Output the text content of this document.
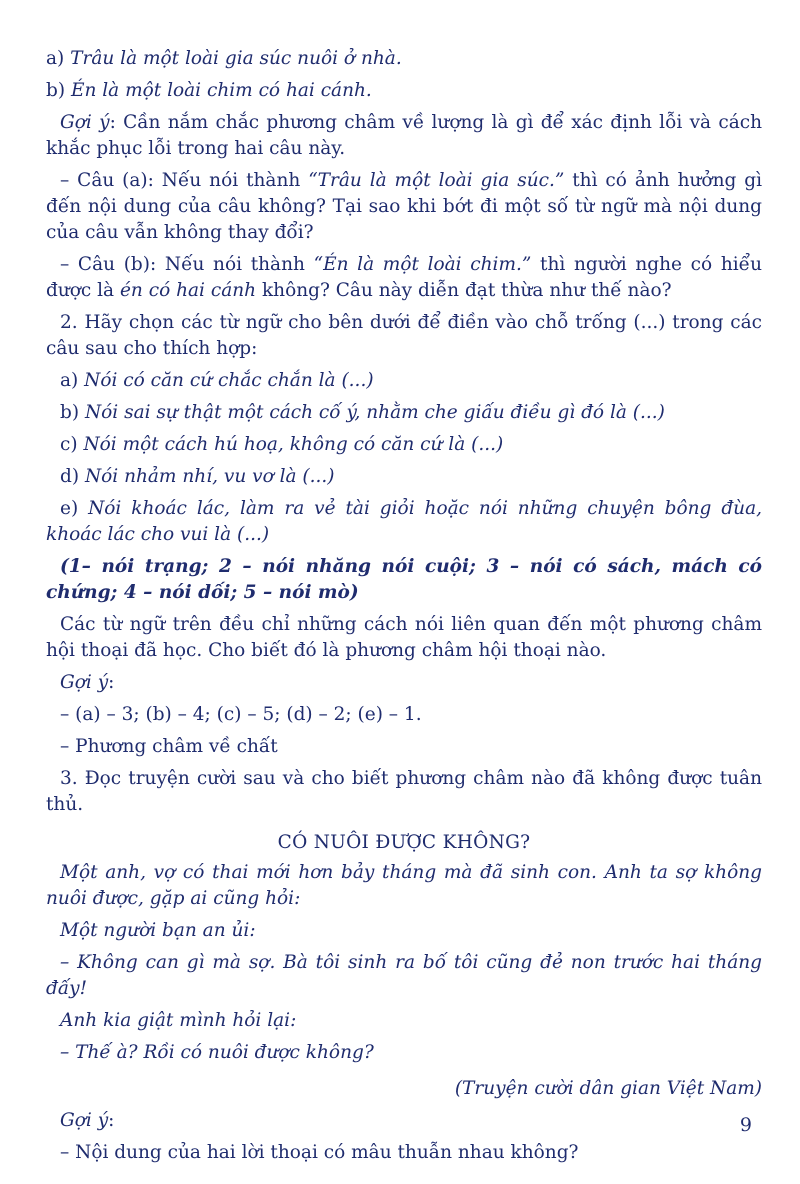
a) Trâu là một loài gia súc nuôi ở nhà.

b) Én là một loài chim có hai cánh.

Gợi ý: Cần nắm chắc phương châm về lượng là gì để xác định lỗi và cách khắc phục lỗi trong hai câu này.

– Câu (a): Nếu nói thành “Trâu là một loài gia súc.” thì có ảnh hưởng gì đến nội dung của câu không? Tại sao khi bớt đi một số từ ngữ mà nội dung của câu vẫn không thay đổi?

– Câu (b): Nếu nói thành “Én là một loài chim.” thì người nghe có hiểu được là én có hai cánh không? Câu này diễn đạt thừa như thế nào?

2. Hãy chọn các từ ngữ cho bên dưới để điền vào chỗ trống (...) trong các câu sau cho thích hợp:

a) Nói có căn cứ chắc chắn là (...)

b) Nói sai sự thật một cách cố ý, nhằm che giấu điều gì đó là (...)

c) Nói một cách hú hoạ, không có căn cứ là (...)

d) Nói nhảm nhí, vu vơ là (...)

e) Nói khoác lác, làm ra vẻ tài giỏi hoặc nói những chuyện bông đùa, khoác lác cho vui là (...)

(1– nói trạng; 2 – nói nhăng nói cuội; 3 – nói có sách, mách có chứng; 4 – nói dối; 5 – nói mò)

Các từ ngữ trên đều chỉ những cách nói liên quan đến một phương châm hội thoại đã học. Cho biết đó là phương châm hội thoại nào.

Gợi ý:

– (a) – 3; (b) – 4; (c) – 5; (d) – 2; (e) – 1.

– Phương châm về chất

3. Đọc truyện cười sau và cho biết phương châm nào đã không được tuân thủ.

CÓ NUÔI ĐƯỢC KHÔNG?

Một anh, vợ có thai mới hơn bảy tháng mà đã sinh con. Anh ta sợ không nuôi được, gặp ai cũng hỏi:

Một người bạn an ủi:

– Không can gì mà sợ. Bà tôi sinh ra bố tôi cũng đẻ non trước hai tháng đấy!

Anh kia giật mình hỏi lại:

– Thế à? Rồi có nuôi được không?

(Truyện cười dân gian Việt Nam)

Gợi ý:

– Nội dung của hai lời thoại có mâu thuẫn nhau không?

9
